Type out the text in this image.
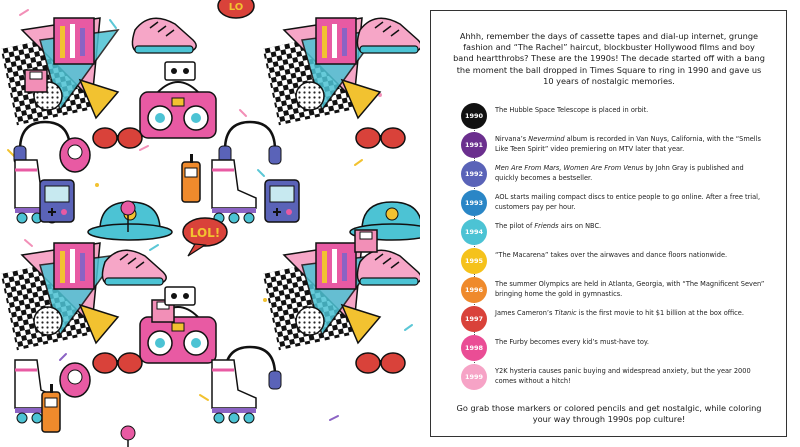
LOL!
LO

Ahhh, remember the days of cassette tapes and dial-up internet, grunge fashion and “The Rachel” haircut, blockbuster Hollywood films and boy band heartthrobs? These are the 1990s! The decade started off with a bang the moment the ball dropped in Times Square to ring in 1990 and gave us 10 years of nostalgic memories.

1990
The Hubble Space Telescope is placed in orbit.
1991
Nirvana’s Nevermind album is recorded in Van Nuys, California, with the “Smells Like Teen Spirit” video premiering on MTV later that year.
1992
Men Are From Mars, Women Are From Venus by John Gray is published and quickly becomes a bestseller.
1993
AOL starts mailing compact discs to entice people to go online. After a free trial, customers pay per hour.
1994
The pilot of Friends airs on NBC.
1995
“The Macarena” takes over the airwaves and dance floors nationwide.
1996
The summer Olympics are held in Atlanta, Georgia, with “The Magnificent Seven” bringing home the gold in gymnastics.
1997
James Cameron’s Titanic is the first movie to hit $1 billion at the box office.
1998
The Furby becomes every kid’s must-have toy.
1999
Y2K hysteria causes panic buying and widespread anxiety, but the year 2000 comes without a hitch!

Go grab those markers or colored pencils and get nostalgic, while coloring your way through 1990s pop culture!
